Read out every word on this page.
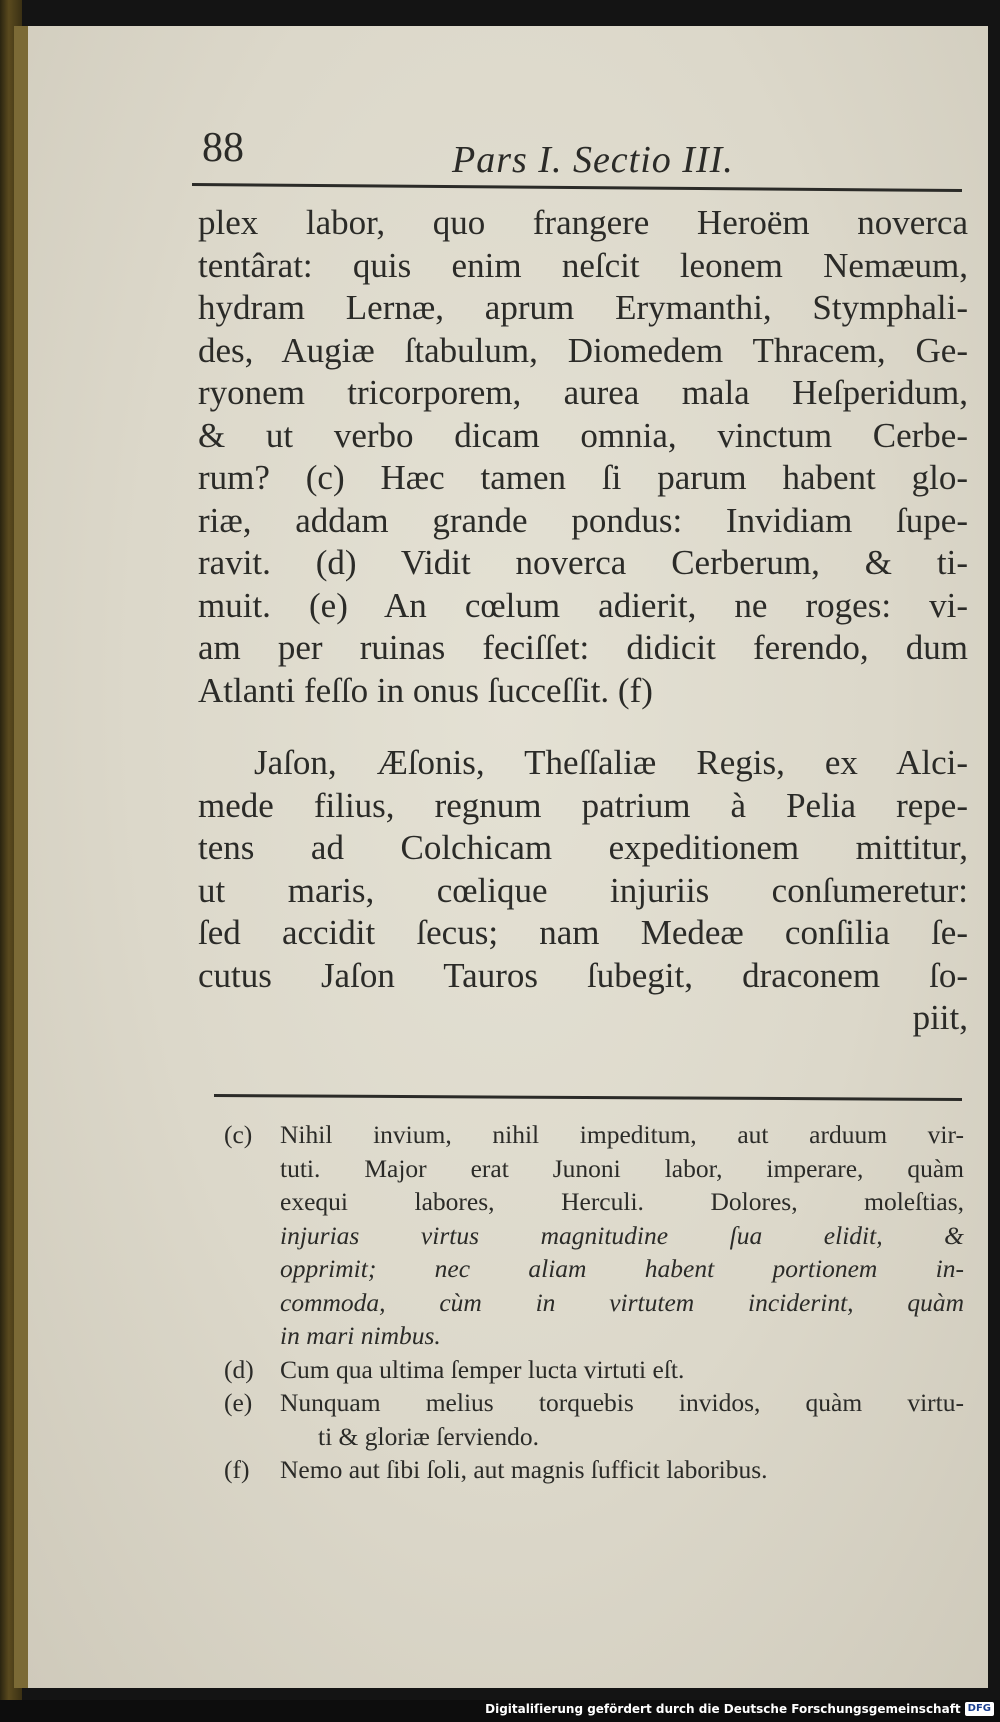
88	Pars I. Sectio III.
plex labor, quo frangere Heroëm noverca
tentârat: quis enim neſcit leonem Nemæum,
hydram Lernæ, aprum Erymanthi, Stymphali-
des, Augiæ ſtabulum, Diomedem Thracem, Ge-
ryonem tricorporem, aurea mala Heſperidum,
& ut verbo dicam omnia, vinctum Cerbe-
rum? (c) Hæc tamen ſi parum habent glo-
riæ, addam grande pondus: Invidiam ſupe-
ravit. (d) Vidit noverca Cerberum, & ti-
muit. (e) An cœlum adierit, ne roges: vi-
am per ruinas feciſſet: didicit ferendo, dum
Atlanti feſſo in onus ſucceſſit. (f)
Jaſon, Æſonis, Theſſaliæ Regis, ex Alci-
mede filius, regnum patrium à Pelia repe-
tens ad Colchicam expeditionem mittitur,
ut maris, cœlique injuriis conſumeretur:
ſed accidit ſecus; nam Medeæ conſilia ſe-
cutus Jaſon Tauros ſubegit, draconem ſo-
piit,
(c)	Nihil invium, nihil impeditum, aut arduum vir-
tuti. Major erat Junoni labor, imperare, quàm
exequi labores, Herculi. Dolores, moleſtias,
injurias virtus magnitudine ſua elidit, &
opprimit; nec aliam habent portionem in-
commoda, cùm in virtutem inciderint, quàm
in mari nimbus.
(d)	Cum qua ultima ſemper lucta virtuti eſt.
(e)	Nunquam melius torquebis invidos, quàm virtu-
ti & gloriæ ſerviendo.
(f)	Nemo aut ſibi ſoli, aut magnis ſufficit laboribus.
Digitaliſierung gefördert durch die Deutsche Forschungsgemeinschaft DFG
